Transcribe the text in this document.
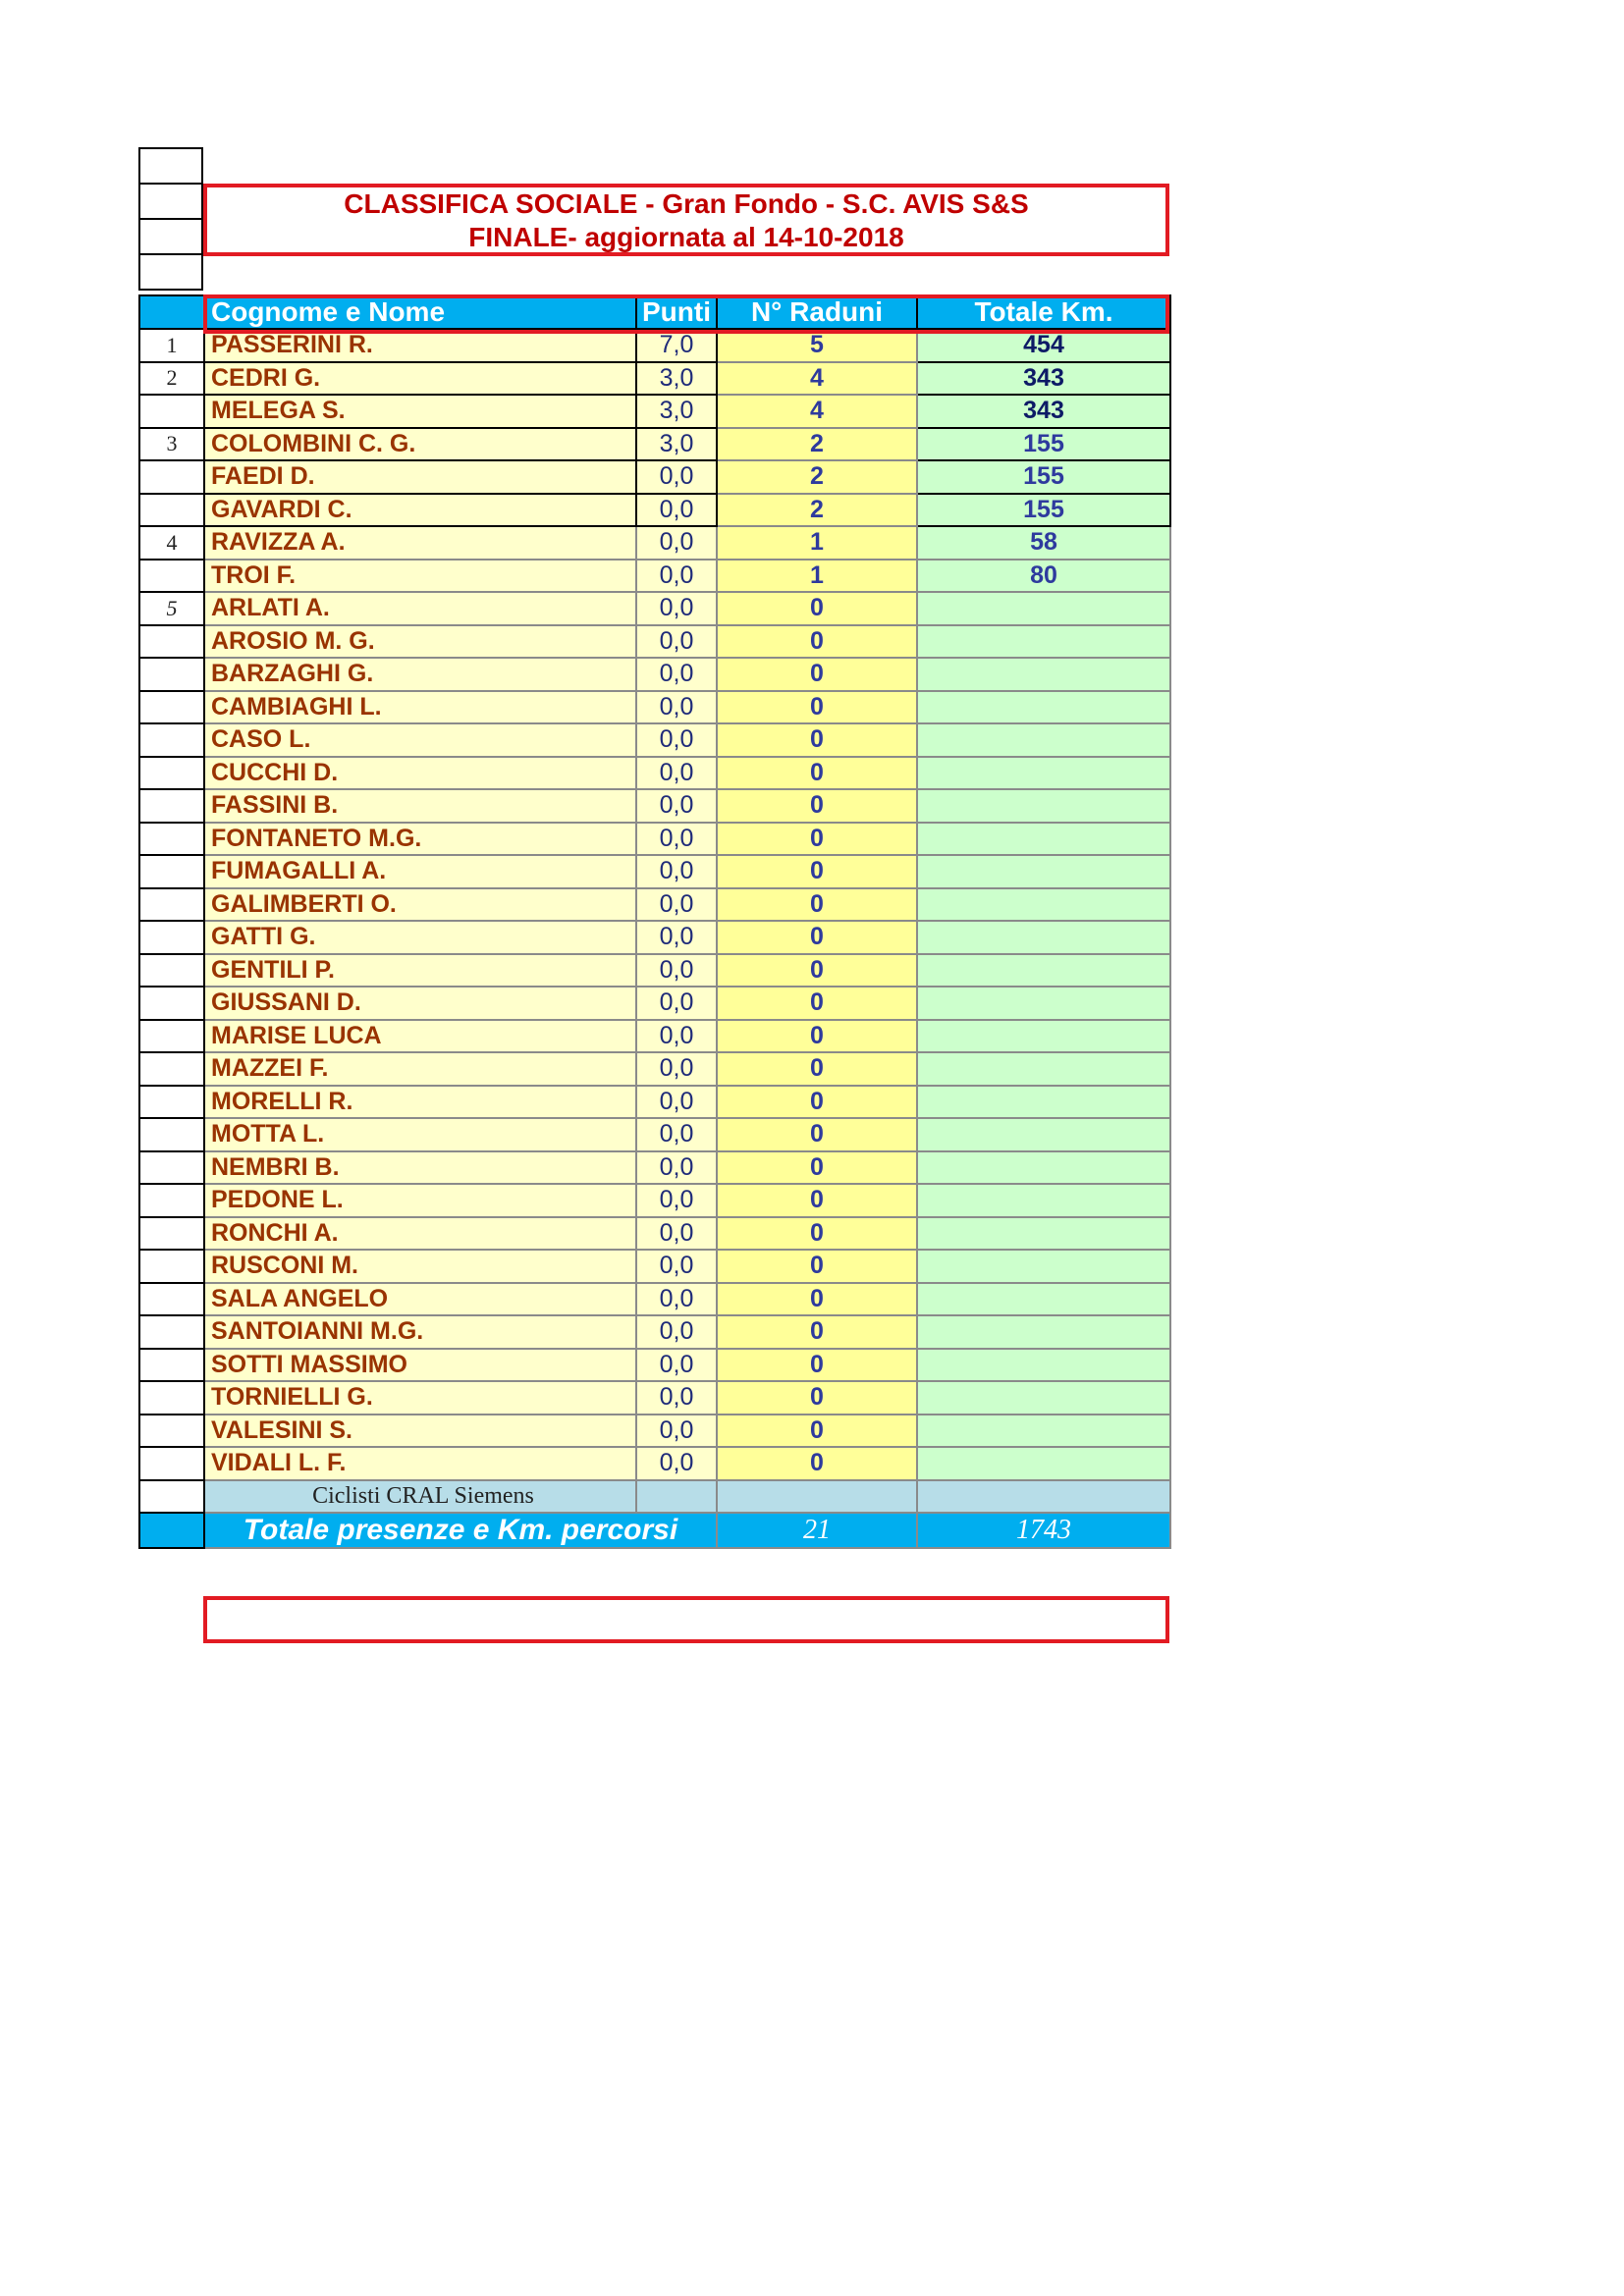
CLASSIFICA SOCIALE - Gran Fondo - S.C. AVIS S&S
FINALE- aggiornata al 14-10-2018
	Cognome e Nome	Punti	N° Raduni	Totale Km.
1	PASSERINI R.	7,0	5	454
2	CEDRI G.	3,0	4	343
	MELEGA S.	3,0	4	343
3	COLOMBINI C. G.	3,0	2	155
	FAEDI D.	0,0	2	155
	GAVARDI C.	0,0	2	155
4	RAVIZZA A.	0,0	1	58
	TROI F.	0,0	1	80
5	ARLATI A.	0,0	0	
	AROSIO M. G.	0,0	0	
	BARZAGHI G.	0,0	0	
	CAMBIAGHI L.	0,0	0	
	CASO L.	0,0	0	
	CUCCHI D.	0,0	0	
	FASSINI B.	0,0	0	
	FONTANETO M.G.	0,0	0	
	FUMAGALLI A.	0,0	0	
	GALIMBERTI O.	0,0	0	
	GATTI G.	0,0	0	
	GENTILI P.	0,0	0	
	GIUSSANI D.	0,0	0	
	MARISE LUCA	0,0	0	
	MAZZEI F.	0,0	0	
	MORELLI R.	0,0	0	
	MOTTA L.	0,0	0	
	NEMBRI B.	0,0	0	
	PEDONE L.	0,0	0	
	RONCHI A.	0,0	0	
	RUSCONI M.	0,0	0	
	SALA ANGELO	0,0	0	
	SANTOIANNI M.G.	0,0	0	
	SOTTI MASSIMO	0,0	0	
	TORNIELLI G.	0,0	0	
	VALESINI S.	0,0	0	
	VIDALI L. F.	0,0	0	
	Ciclisti CRAL Siemens			
	Totale presenze e Km. percorsi		21	1743
